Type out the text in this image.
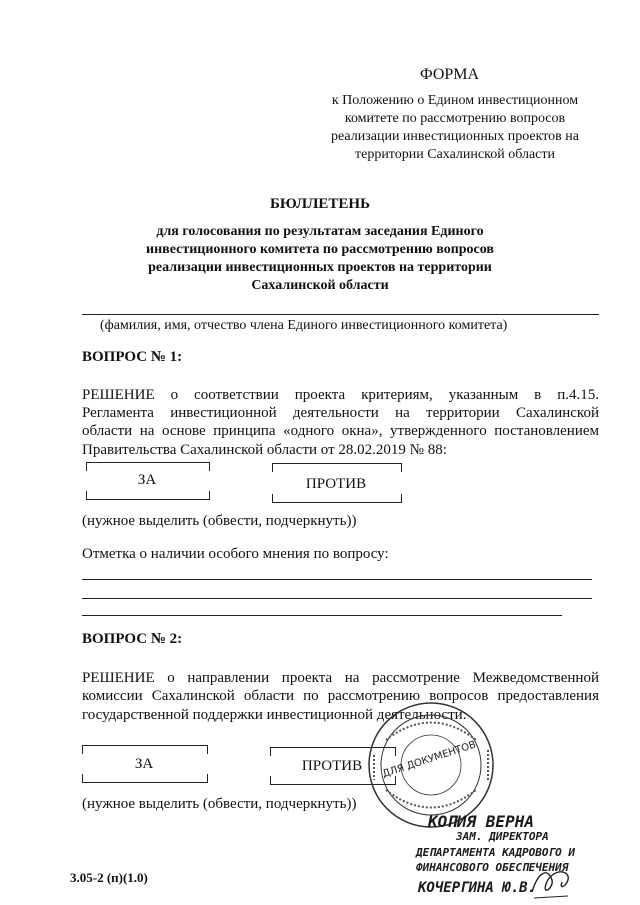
ФОРМА
к Положению о Едином инвестиционном
комитете по рассмотрению вопросов
реализации инвестиционных проектов на
территории Сахалинской области
БЮЛЛЕТЕНЬ
для голосования по результатам заседания Единого
инвестиционного комитета по рассмотрению вопросов
реализации инвестиционных проектов на территории
Сахалинской области
(фамилия, имя, отчество члена Единого инвестиционного комитета)
ВОПРОС № 1:
РЕШЕНИЕ о соответствии проекта критериям, указанным в п.4.15.
Регламента инвестиционной деятельности на территории Сахалинской
области на основе принципа «одного окна», утвержденного постановлением
Правительства Сахалинской области от 28.02.2019 № 88:
ЗА	ПРОТИВ
(нужное выделить (обвести, подчеркнуть))
Отметка о наличии особого мнения по вопросу:
ВОПРОС № 2:
РЕШЕНИЕ о направлении проекта на рассмотрение Межведомственной
комиссии Сахалинской области по рассмотрению вопросов предоставления
государственной поддержки инвестиционной деятельности:
ЗА	ПРОТИВ
(нужное выделить (обвести, подчеркнуть))
3.05-2 (п)(1.0)
ДЛЯ ДОКУМЕНТОВ
КОПИЯ ВЕРНА
ЗАМ. ДИРЕКТОРА
ДЕПАРТАМЕНТА КАДРОВОГО И
ФИНАНСОВОГО ОБЕСПЕЧЕНИЯ
КОЧЕРГИНА Ю.В.
